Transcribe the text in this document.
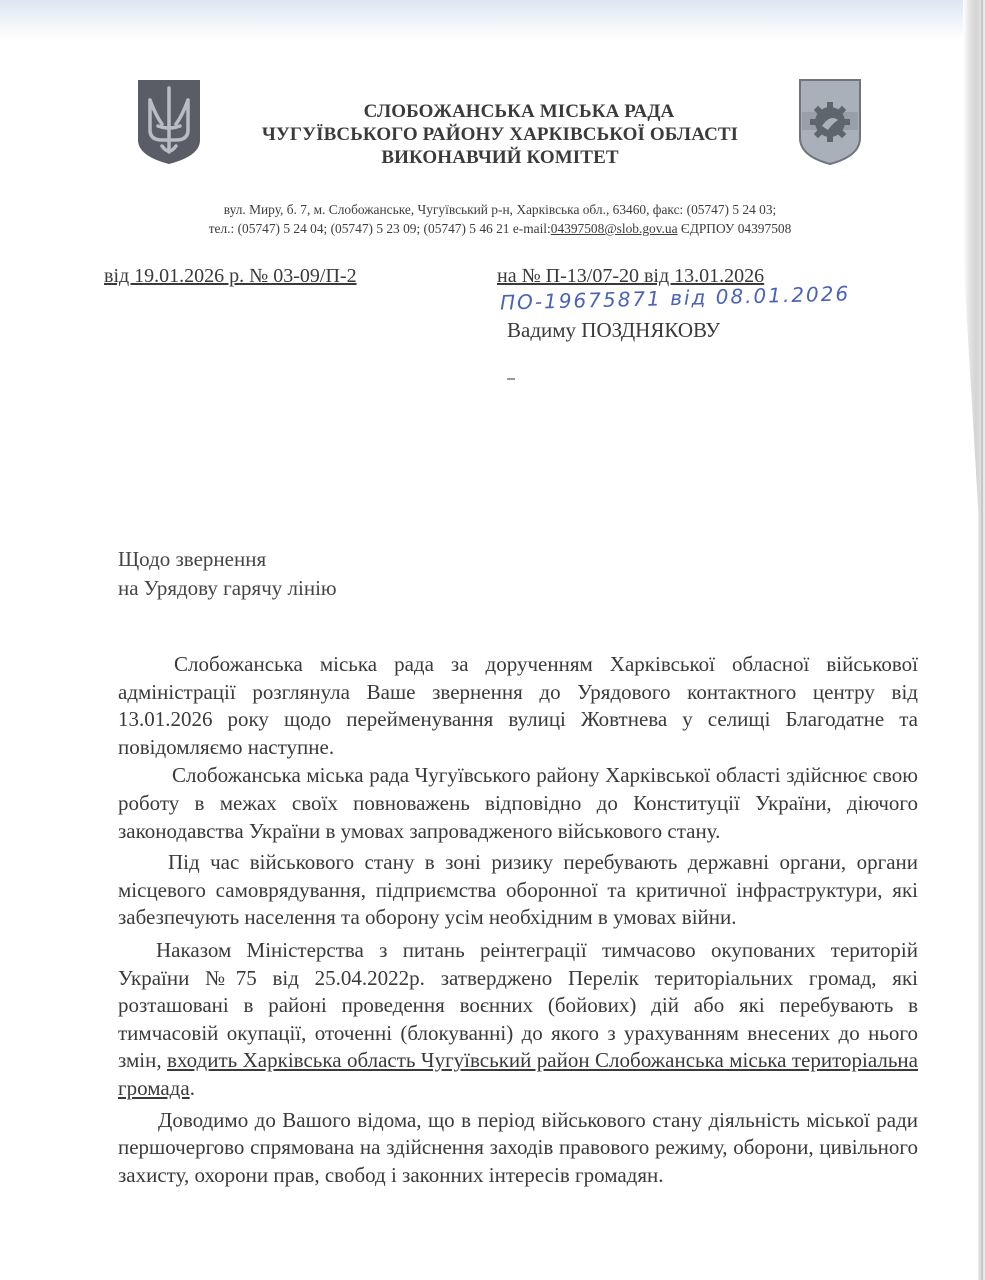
СЛОБОЖАНСЬКА МІСЬКА РАДА
ЧУГУЇВСЬКОГО РАЙОНУ ХАРКІВСЬКОЇ ОБЛАСТІ
ВИКОНАВЧИЙ КОМІТЕТ
вул. Миру, б. 7, м. Слобожанське, Чугуївський р-н, Харківська обл., 63460, факс: (05747) 5 24 03;
тел.: (05747) 5 24 04; (05747) 5 23 09; (05747) 5 46 21 e-mail:04397508@slob.gov.ua ЄДРПОУ 04397508
від 19.01.2026 р. № 03-09/П-2	на № П-13/07-20 від 13.01.2026
ПО-19675871 від 08.01.2026
Вадиму ПОЗДНЯКОВУ
Щодо звернення
на Урядову гарячу лінію

Слобожанська міська рада за дорученням Харківської обласної військової адміністрації розглянула Ваше звернення до Урядового контактного центру від 13.01.2026 року щодо перейменування вулиці Жовтнева у селищі Благодатне та повідомляємо наступне.

Слобожанська міська рада Чугуївського району Харківської області здійснює свою роботу в межах своїх повноважень відповідно до Конституції України, діючого законодавства України в умовах запровадженого військового стану.

Під час військового стану в зоні ризику перебувають державні органи, органи місцевого самоврядування, підприємства оборонної та критичної інфраструктури, які забезпечують населення та оборону усім необхідним в умовах війни.

Наказом Міністерства з питань реінтеграції тимчасово окупованих територій України №75 від 25.04.2022р. затверджено Перелік територіальних громад, які розташовані в районі проведення воєнних (бойових) дій або які перебувають в тимчасовій окупації, оточенні (блокуванні) до якого з урахуванням внесених до нього змін, входить Харківська область Чугуївський район Слобожанська міська територіальна громада.

Доводимо до Вашого відома, що в період військового стану діяльність міської ради першочергово спрямована на здійснення заходів правового режиму, оборони, цивільного захисту, охорони прав, свобод і законних інтересів громадян.
